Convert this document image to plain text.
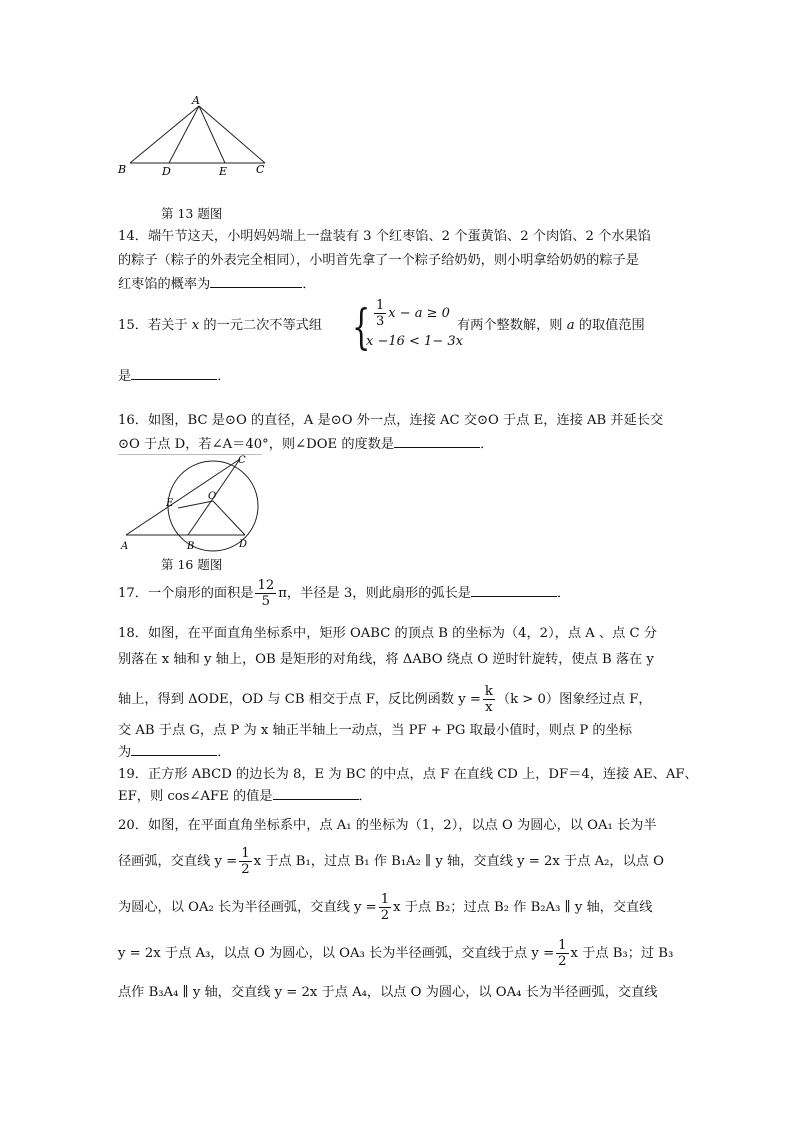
A
B	D	E	C
第 13 题图
14．端午节这天，小明妈妈端上一盘装有 3 个红枣馅、2 个蛋黄馅、2 个肉馅、2 个水果馅
的粽子（粽子的外表完全相同），小明首先拿了一个粽子给奶奶，则小明拿给奶奶的粽子是
红枣馅的概率为	．
15．若关于 x 的一元二次不等式组 { $\frac{1}{3}$ x − a ≥ 0
x −16 < 1− 3x
有两个整数解，则 a 的取值范围
是	．
16．如图，BC 是⊙O 的直径，A 是⊙O 外一点，连接 AC 交⊙O 于点 E，连接 AB 并延长交
⊙O 于点 D，若∠A＝40°，则∠DOE 的度数是	．
C
E
O
A	B	D
第 16 题图
17．一个扇形的面积是 $\frac{12}{5}$ π，半径是 3，则此扇形的弧长是	．
18．如图，在平面直角坐标系中，矩形 OABC 的顶点 B 的坐标为（4，2），点 A 、点 C 分
别落在 x 轴和 y 轴上，OB 是矩形的对角线，将 ΔABO 绕点 O 逆时针旋转，使点 B 落在 y
轴上，得到 ΔODE，OD 与 CB 相交于点 F，反比例函数 $y = \frac{k}{x} (k > 0)$图象经过点 F，
交 AB 于点 G，点 P 为 x 轴正半轴上一动点，当 PF + PG 取最小值时，则点 P 的坐标
为	．
19．正方形 ABCD 的边长为 8，E 为 BC 的中点，点 F 在直线 CD 上，DF＝4，连接 AE、AF、
EF，则 cos∠AFE 的值是	．
20．如图，在平面直角坐标系中，点 A₁ 的坐标为（1，2），以点 O 为圆心，以 OA₁ 长为半
径画弧，交直线 $y = \frac{1}{2}$ x 于点 B₁，过点 B₁ 作 B₁A₂ ∥ y 轴，交直线 y = 2x 于点 A₂，以点 O
为圆心，以 OA₂ 长为半径画弧，交直线 $y = \frac{1}{2}$ x 于点 B₂；过点 B₂ 作 B₂A₃ ∥ y 轴，交直线
y = 2x 于点 A₃，以点 O 为圆心，以 OA₃ 长为半径画弧，交直线于点 $y = \frac{1}{2}$ x 于点 B₃；过 B₃
点作 B₃A₄ ∥ y 轴，交直线 y = 2x 于点 A₄，以点 O 为圆心，以 OA₄ 长为半径画弧，交直线
